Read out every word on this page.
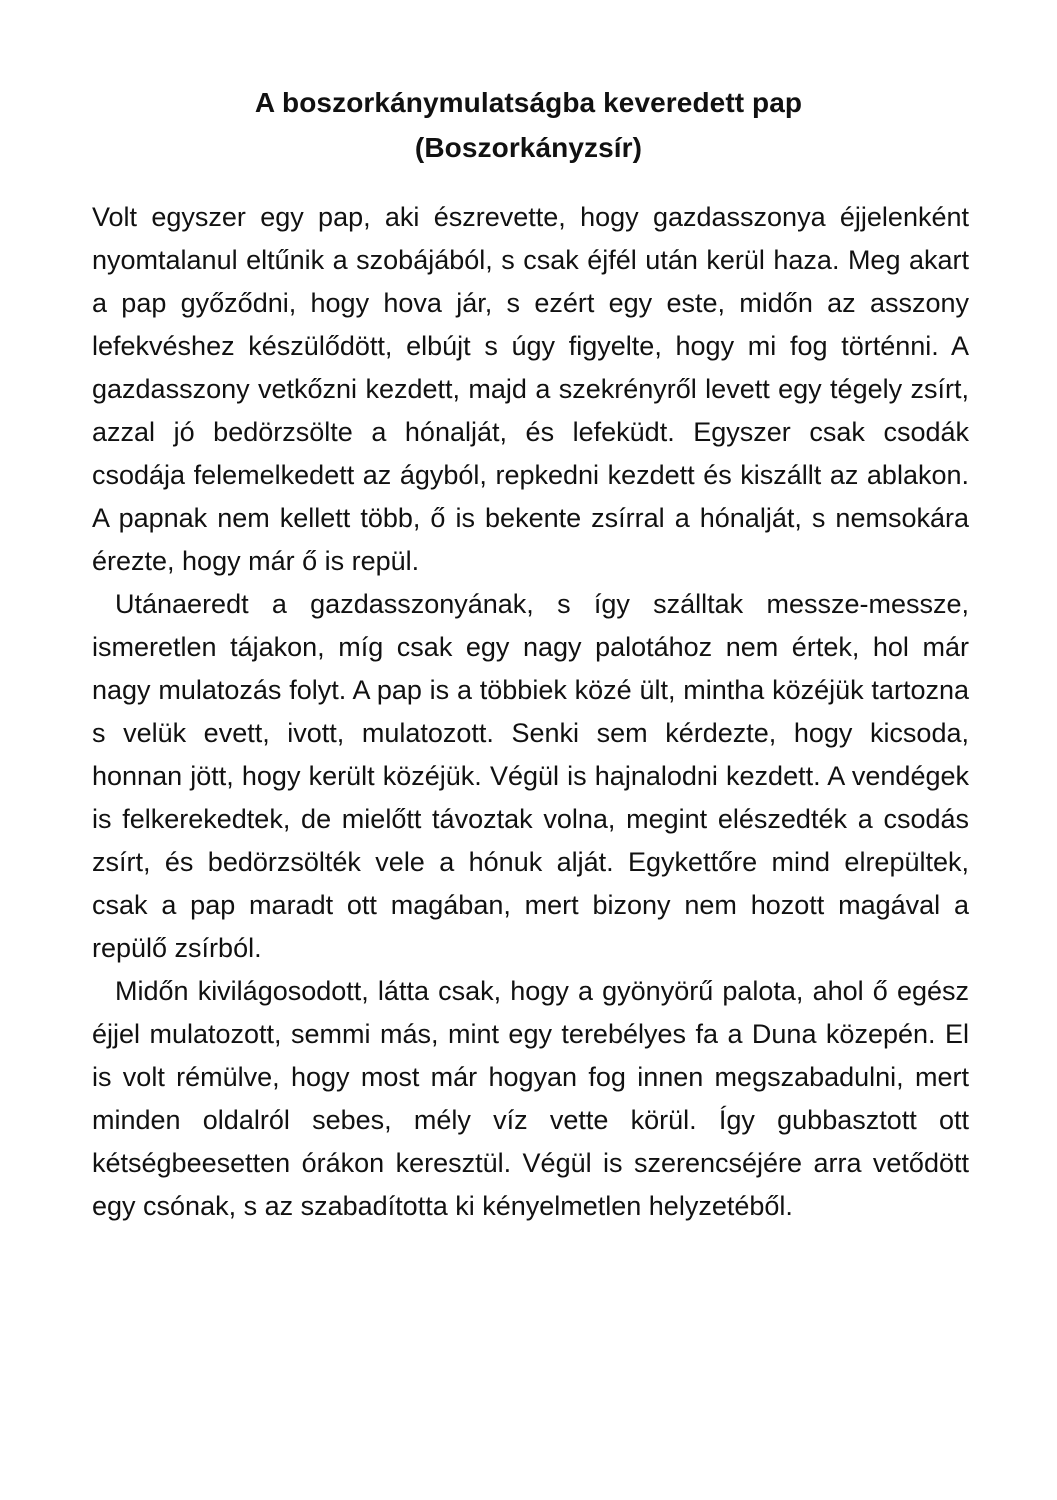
A boszorkánymulatságba keveredett pap
(Boszorkányzsír)

Volt egyszer egy pap, aki észrevette, hogy gazdasszonya éjjelenként nyomtalanul eltűnik a szobájából, s csak éjfél után kerül haza. Meg akart a pap győződni, hogy hova jár, s ezért egy este, midőn az asszony lefekvéshez készülődött, elbújt s úgy figyelte, hogy mi fog történni. A gazdasszony vetkőzni kezdett, majd a szekrényről levett egy tégely zsírt, azzal jó bedörzsölte a hónalját, és lefeküdt. Egyszer csak csodák csodája felemelkedett az ágyból, repkedni kezdett és kiszállt az ablakon. A papnak nem kellett több, ő is bekente zsírral a hónalját, s nemsokára érezte, hogy már ő is repül.

Utánaeredt a gazdasszonyának, s így szálltak messze-messze, ismeretlen tájakon, míg csak egy nagy palotához nem értek, hol már nagy mulatozás folyt. A pap is a többiek közé ült, mintha közéjük tartozna s velük evett, ivott, mulatozott. Senki sem kérdezte, hogy kicsoda, honnan jött, hogy került közéjük. Végül is hajnalodni kezdett. A vendégek is felkerekedtek, de mielőtt távoztak volna, megint elészedték a csodás zsírt, és bedörzsölték vele a hónuk alját. Egykettőre mind elrepültek, csak a pap maradt ott magában, mert bizony nem hozott magával a repülő zsírból.

Midőn kivilágosodott, látta csak, hogy a gyönyörű palota, ahol ő egész éjjel mulatozott, semmi más, mint egy terebélyes fa a Duna közepén. El is volt rémülve, hogy most már hogyan fog innen megszabadulni, mert minden oldalról sebes, mély víz vette körül. Így gubbasztott ott kétségbeesetten órákon keresztül. Végül is szerencséjére arra vetődött egy csónak, s az szabadította ki kényelmetlen helyzetéből.
